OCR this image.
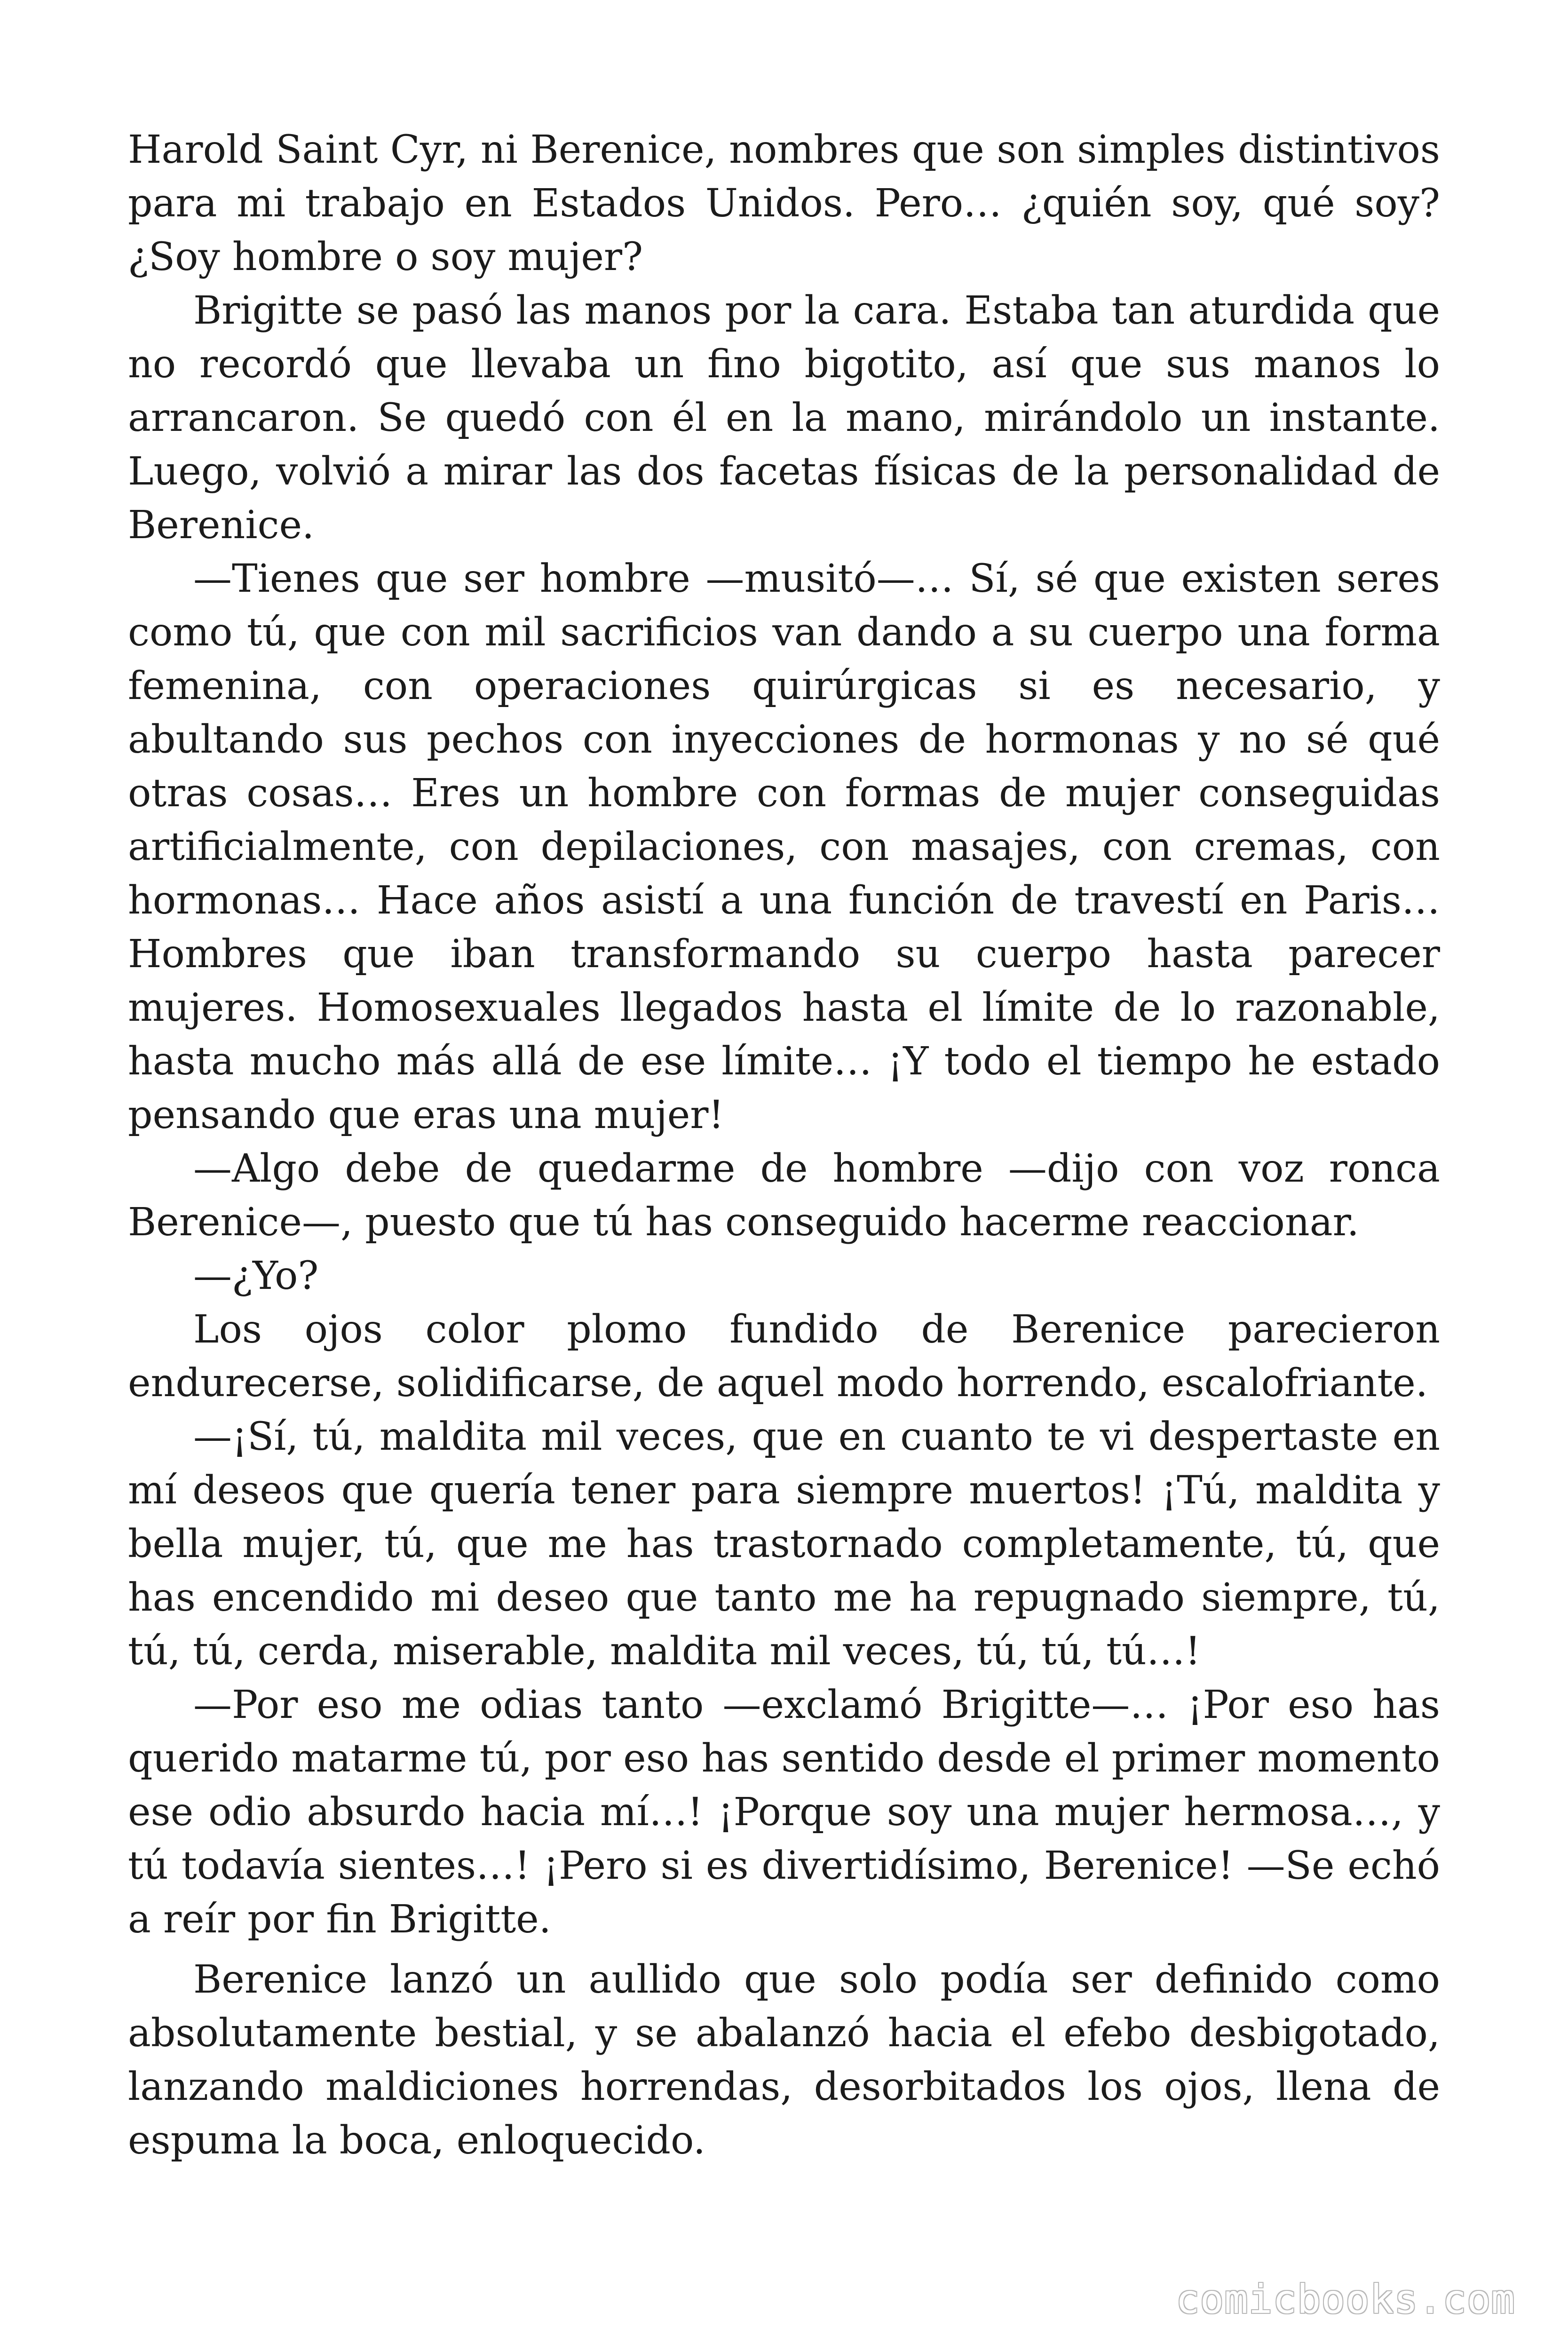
Harold Saint Cyr, ni Berenice, nombres que son simples distintivos para mi trabajo en Estados Unidos. Pero… ¿quién soy, qué soy? ¿Soy hombre o soy mujer?

Brigitte se pasó las manos por la cara. Estaba tan aturdida que no recordó que llevaba un fino bigotito, así que sus manos lo arrancaron. Se quedó con él en la mano, mirándolo un instante. Luego, volvió a mirar las dos facetas físicas de la personalidad de Berenice.

—Tienes que ser hombre —musitó—… Sí, sé que existen seres como tú, que con mil sacrificios van dando a su cuerpo una forma femenina, con operaciones quirúrgicas si es necesario, y abultando sus pechos con inyecciones de hormonas y no sé qué otras cosas… Eres un hombre con formas de mujer conseguidas artificialmente, con depilaciones, con masajes, con cremas, con hormonas… Hace años asistí a una función de travestí en Paris… Hombres que iban transformando su cuerpo hasta parecer mujeres. Homosexuales llegados hasta el límite de lo razonable, hasta mucho más allá de ese límite… ¡Y todo el tiempo he estado pensando que eras una mujer!

—Algo debe de quedarme de hombre —dijo con voz ronca Berenice—, puesto que tú has conseguido hacerme reaccionar.

—¿Yo?

Los ojos color plomo fundido de Berenice parecieron endurecerse, solidificarse, de aquel modo horrendo, escalofriante.

—¡Sí, tú, maldita mil veces, que en cuanto te vi despertaste en mí deseos que quería tener para siempre muertos! ¡Tú, maldita y bella mujer, tú, que me has trastornado completamente, tú, que has encendido mi deseo que tanto me ha repugnado siempre, tú, tú, tú, cerda, miserable, maldita mil veces, tú, tú, tú…!

—Por eso me odias tanto —exclamó Brigitte—… ¡Por eso has querido matarme tú, por eso has sentido desde el primer momento ese odio absurdo hacia mí…! ¡Porque soy una mujer hermosa…, y tú todavía sientes…! ¡Pero si es divertidísimo, Berenice! —Se echó a reír por fin Brigitte.

Berenice lanzó un aullido que solo podía ser definido como absolutamente bestial, y se abalanzó hacia el efebo desbigotado, lanzando maldiciones horrendas, desorbitados los ojos, llena de espuma la boca, enloquecido.

comicbooks.com
